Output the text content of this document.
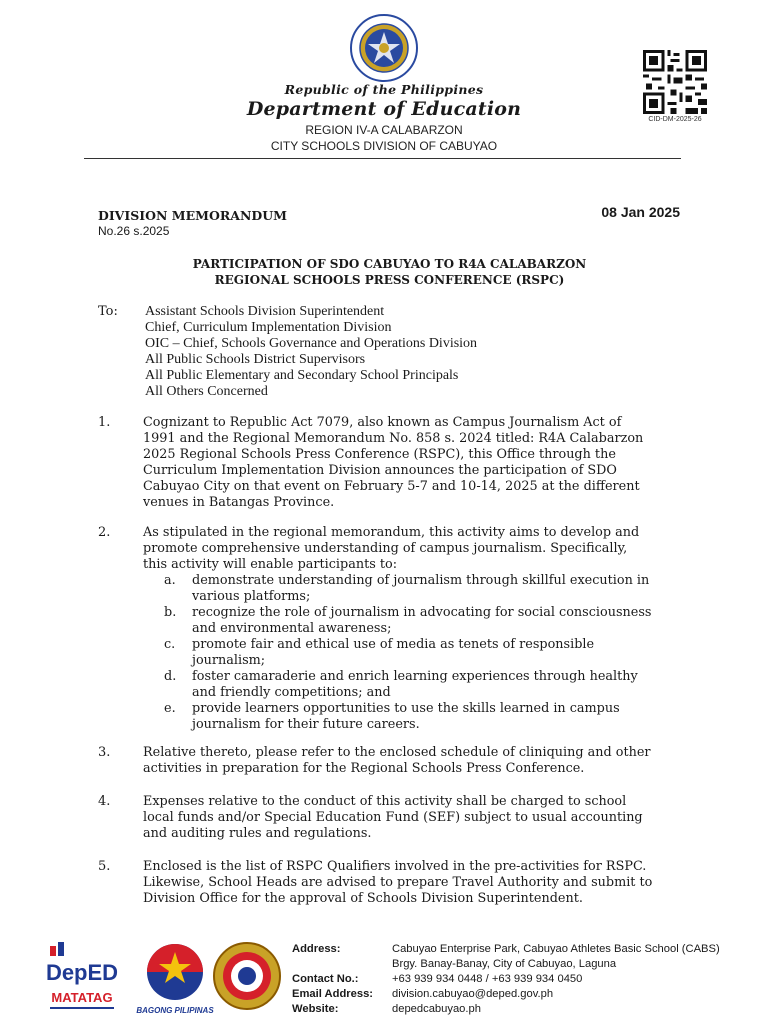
CID-DM-2025-26
Republic of the Philippines
Department of Education
REGION IV-A CALABARZON
CITY SCHOOLS DIVISION OF CABUYAO
DIVISION MEMORANDUM
No.26 s.2025
08 Jan 2025
PARTICIPATION OF SDO CABUYAO TO R4A CALABARZON
REGIONAL SCHOOLS PRESS CONFERENCE (RSPC)
To: Assistant Schools Division Superintendent
Chief, Curriculum Implementation Division
OIC – Chief, Schools Governance and Operations Division
All Public Schools District Supervisors
All Public Elementary and Secondary School Principals
All Others Concerned
1.	Cognizant to Republic Act 7079, also known as Campus Journalism Act of
1991 and the Regional Memorandum No. 858 s. 2024 titled: R4A Calabarzon
2025 Regional Schools Press Conference (RSPC), this Office through the
Curriculum Implementation Division announces the participation of SDO
Cabuyao City on that event on February 5-7 and 10-14, 2025 at the different
venues in Batangas Province.
2.	As stipulated in the regional memorandum, this activity aims to develop and
promote comprehensive understanding of campus journalism. Specifically,
this activity will enable participants to:
a. demonstrate understanding of journalism through skillful execution in
various platforms;
b. recognize the role of journalism in advocating for social consciousness
and environmental awareness;
c. promote fair and ethical use of media as tenets of responsible
journalism;
d. foster camaraderie and enrich learning experiences through healthy
and friendly competitions; and
e. provide learners opportunities to use the skills learned in campus
journalism for their future careers.
3.	Relative thereto, please refer to the enclosed schedule of cliniquing and other
activities in preparation for the Regional Schools Press Conference.
4.	Expenses relative to the conduct of this activity shall be charged to school
local funds and/or Special Education Fund (SEF) subject to usual accounting
and auditing rules and regulations.
5.	Enclosed is the list of RSPC Qualifiers involved in the pre-activities for RSPC.
Likewise, School Heads are advised to prepare Travel Authority and submit to
Division Office for the approval of Schools Division Superintendent.
DepED
MATATAG
BAGONG PILIPINAS
Address:	Cabuyao Enterprise Park, Cabuyao Athletes Basic School (CABS)
Brgy. Banay-Banay, City of Cabuyao, Laguna
Contact No.:	+63 939 934 0448 / +63 939 934 0450
Email Address:	division.cabuyao@deped.gov.ph
Website:	depedcabuyao.ph
